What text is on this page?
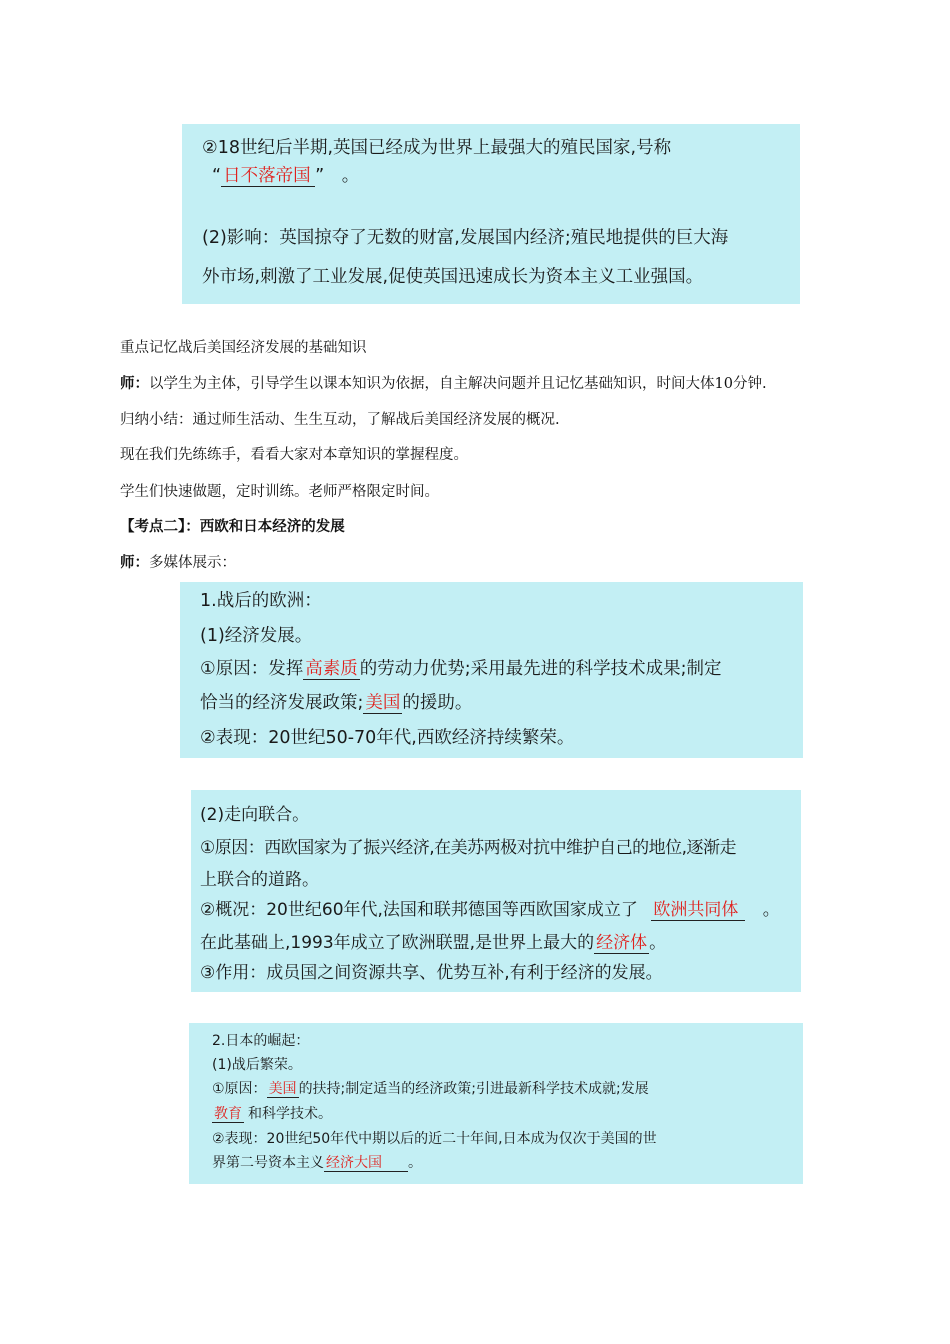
②18世纪后半期,英国已经成为世界上最强大的殖民国家,号称
“ 日不落帝国 ” 。
(2)影响：英国掠夺了无数的财富,发展国内经济;殖民地提供的巨大海
外市场,刺激了工业发展,促使英国迅速成长为资本主义工业强国。
重点记忆战后美国经济发展的基础知识
师：以学生为主体，引导学生以课本知识为依据，自主解决问题并且记忆基础知识，时间大体10分钟.
归纳小结：通过师生活动、生生互动，了解战后美国经济发展的概况.
现在我们先练练手，看看大家对本章知识的掌握程度。
学生们快速做题，定时训练。老师严格限定时间。
【考点二】：西欧和日本经济的发展
师：多媒体展示：
1.战后的欧洲：
(1)经济发展。
①原因：发挥 高素质 的劳动力优势;采用最先进的科学技术成果;制定
恰当的经济发展政策; 美国 的援助。
②表现：20世纪50-70年代,西欧经济持续繁荣。
(2)走向联合。
①原因：西欧国家为了振兴经济,在美苏两极对抗中维护自己的地位,逐渐走
上联合的道路。
②概况：20世纪60年代,法国和联邦德国等西欧国家成立了 欧洲共同体 。
在此基础上,1993年成立了欧洲联盟,是世界上最大的 经济体 。
③作用：成员国之间资源共享、优势互补,有利于经济的发展。
2.日本的崛起：
(1)战后繁荣。
①原因： 美国 的扶持;制定适当的经济政策;引进最新科学技术成就;发展
教育 和科学技术。
②表现：20世纪50年代中期以后的近二十年间,日本成为仅次于美国的世
界第二号资本主义 经济大国 。
